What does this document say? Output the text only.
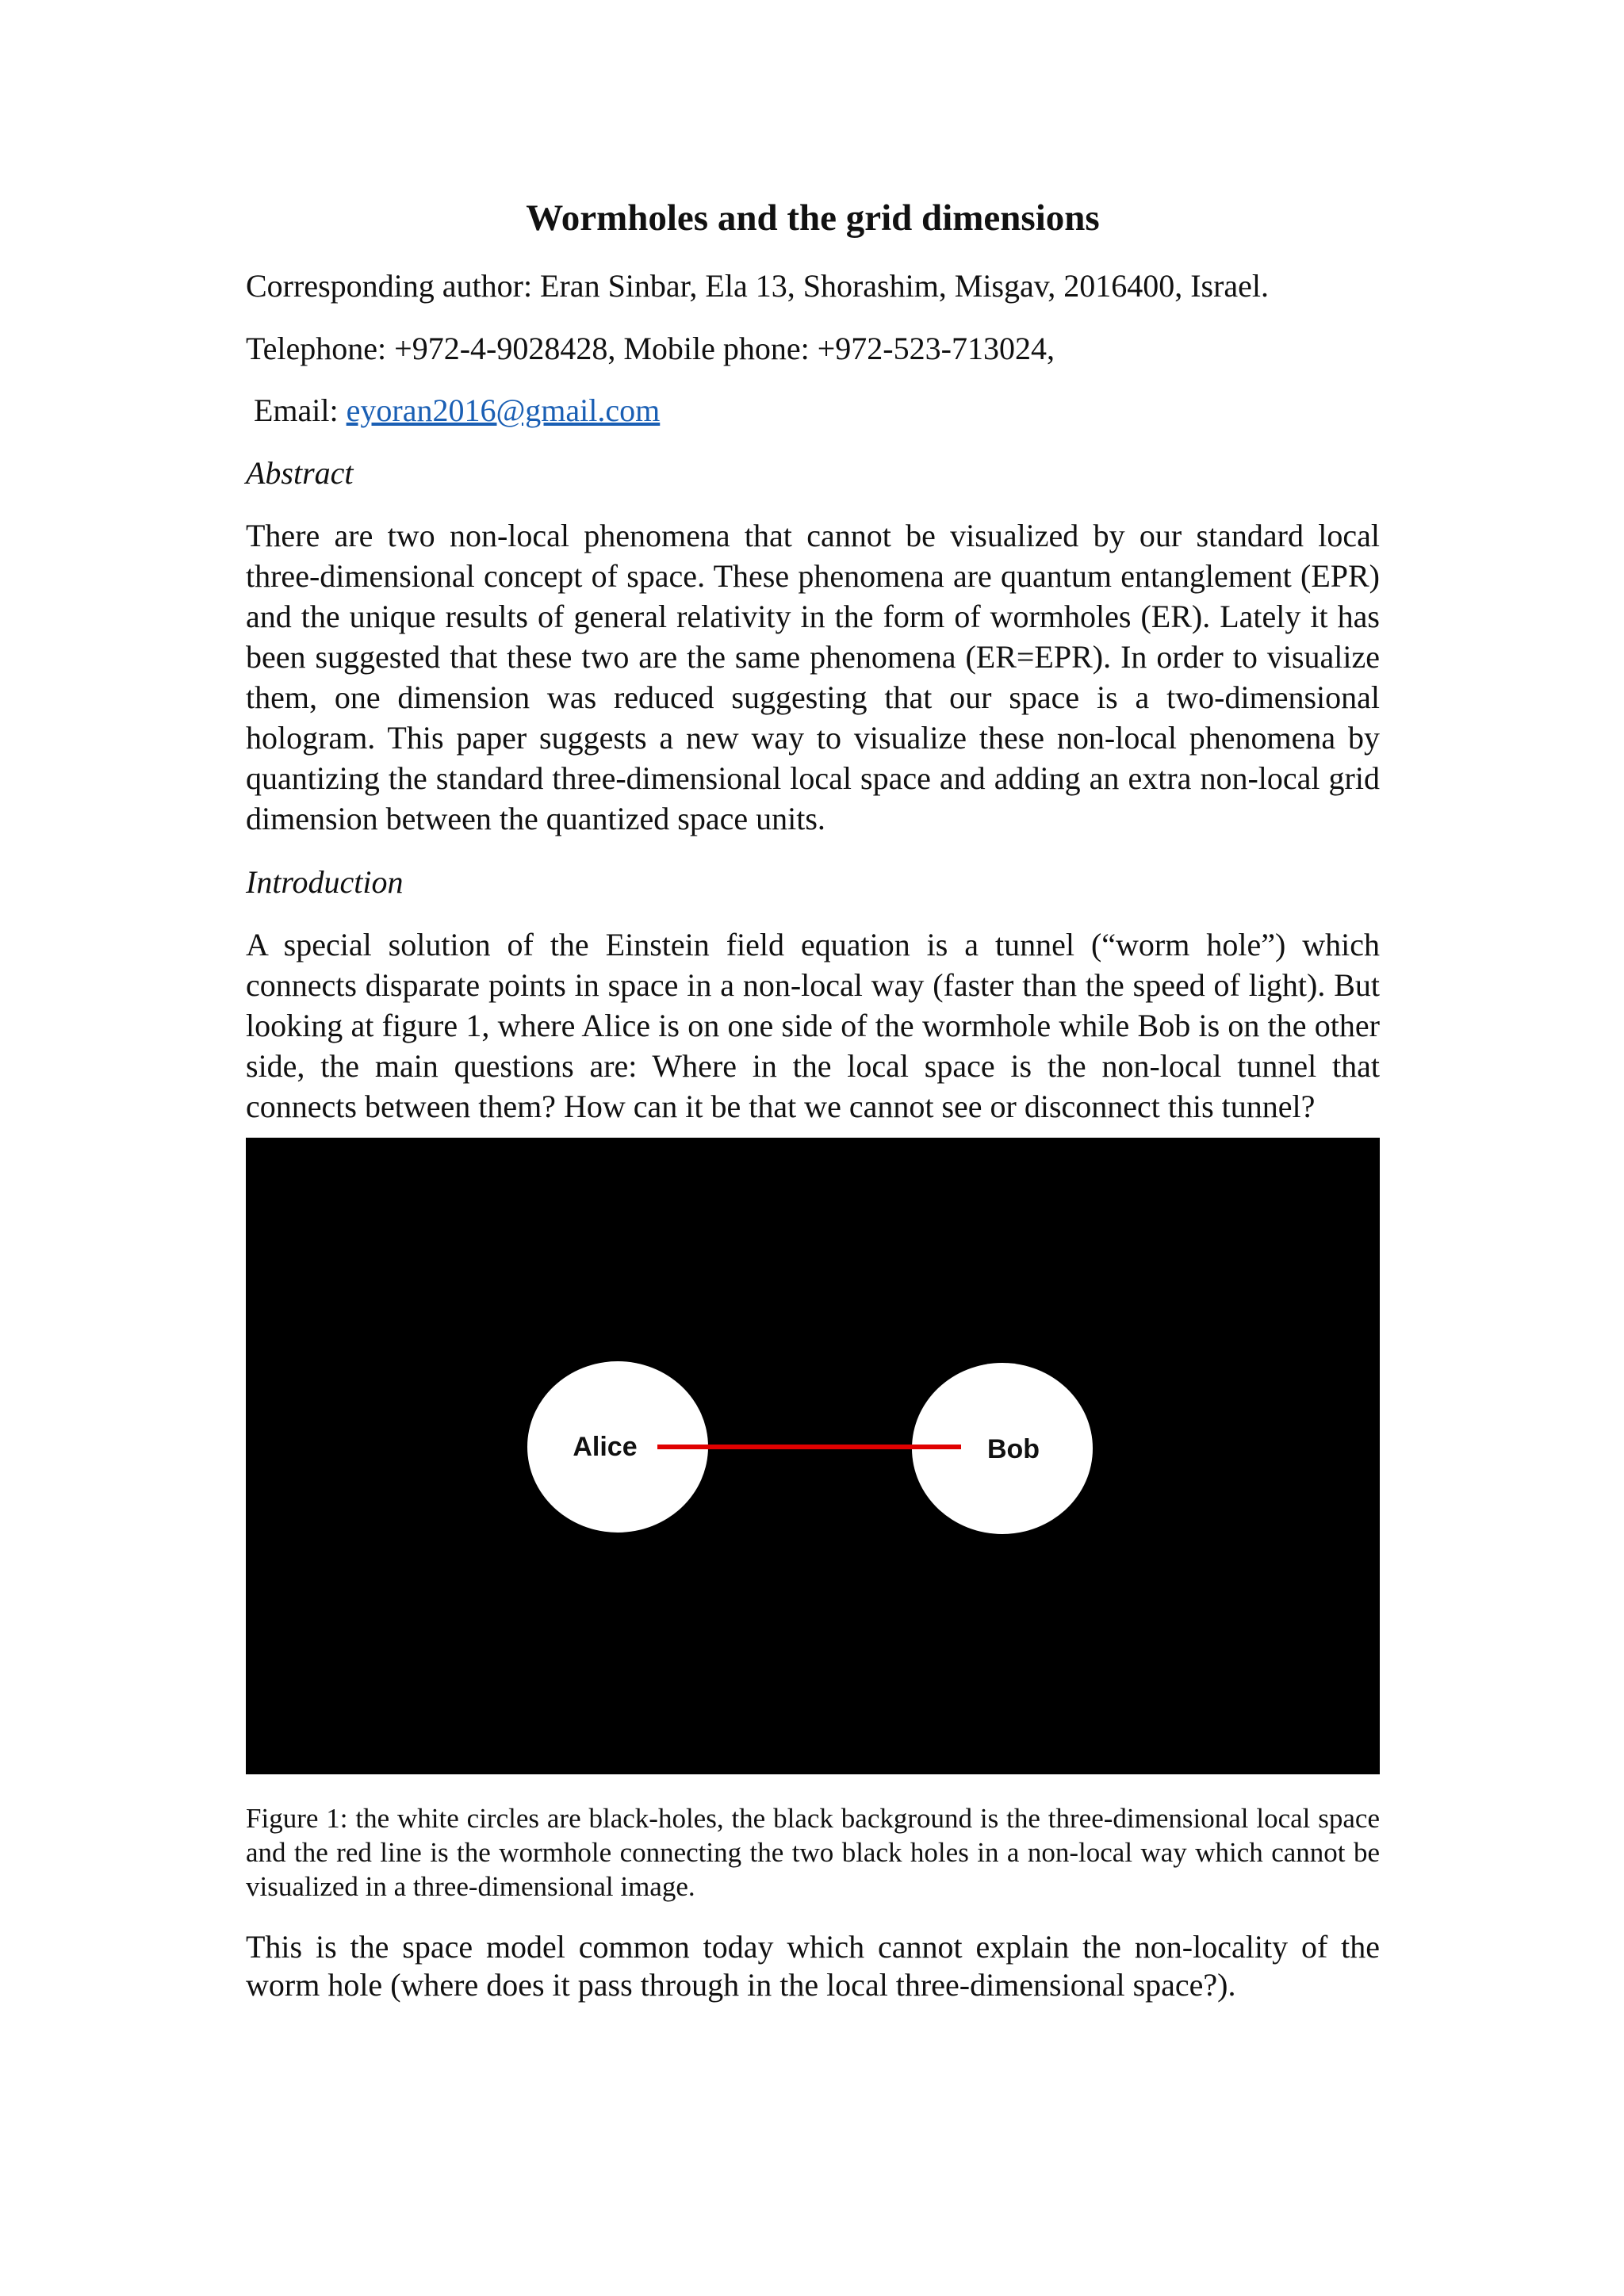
Wormholes and the grid dimensions
Corresponding author: Eran Sinbar, Ela 13, Shorashim, Misgav, 2016400, Israel.
Telephone: +972-4-9028428, Mobile phone: +972-523-713024,
Email: eyoran2016@gmail.com
Abstract

There are two non-local phenomena that cannot be visualized by our standard local three-dimensional concept of space. These phenomena are quantum entanglement (EPR) and the unique results of general relativity in the form of wormholes (ER). Lately it has been suggested that these two are the same phenomena (ER=EPR). In order to visualize them, one dimension was reduced suggesting that our space is a two-dimensional hologram. This paper suggests a new way to visualize these non-local phenomena by quantizing the standard three-dimensional local space and adding an extra non-local grid dimension between the quantized space units.

Introduction

A special solution of the Einstein field equation is a tunnel (“worm hole”) which connects disparate points in space in a non-local way (faster than the speed of light). But looking at figure 1, where Alice is on one side of the wormhole while Bob is on the other side, the main questions are: Where in the local space is the non-local tunnel that connects between them? How can it be that we cannot see or disconnect this tunnel?

Alice	Bob

Figure 1: the white circles are black-holes, the black background is the three-dimensional local space and the red line is the wormhole connecting the two black holes in a non-local way which cannot be visualized in a three-dimensional image.

This is the space model common today which cannot explain the non-locality of the worm hole (where does it pass through in the local three-dimensional space?).
